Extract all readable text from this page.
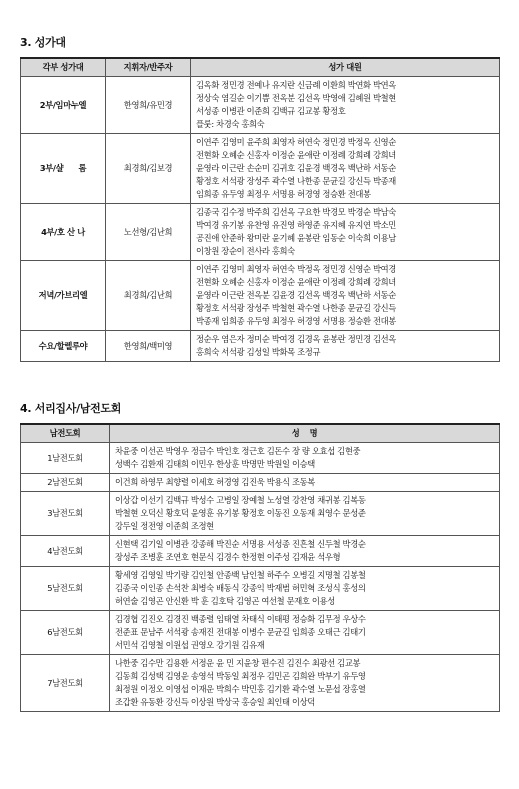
3. 성가대
각부 성가대	지휘자/반주자	성가 대원
2부/임마누엘	한영희/유민경	김옥화 정민경 전예나 유지란 신금례 이환희 박연화 박연옥
정상숙 염길순 이기쁨 전옥분 김선옥 박영애 김혜원 박철현
서성종 이병관 이준희 김백규 김교봉 황정호
플룻: 차경숙 홍희숙

3부/샬      롬	최경희/김보경	이연주 김영미 윤주희 최영자 허연숙 정민경 박정옥 신영순
전현화 오혜순 신홍자 이정순 윤애란 이정례 강희례 강희녀
윤영라 이근란 손순미 김귀호 김윤경 백경옥 백난하 서동순
황정호 서석광 장성주 곽수열 나한종 문균길 강신득 박종재
임희종 유두영 최정우 서명용 허경영 정승환 전대봉

4부/호 산 나	노선형/김난희	김종국 김수정 박주희 김선옥 구요한 박경모 박경순 박남숙
박여경 유기봉 유찬영 유진영 하영준 유지혜 유지연 박소민
공진애 안준하 왕미란 윤기혜 윤봉란 임동순 이숙희 이용남
이창원 장순이 전사라 홍희숙

저녁/가브리엘	최경희/김난희	이연주 김영미 최영자 허연숙 박정옥 정민경 신영순 박여경
전현화 오혜순 신홍자 이정순 윤애란 이정례 강희례 강희녀
윤영라 이근란 전옥분 김윤경 김선옥 백경옥 백난하 서동순
황정호 서석광 장성주 박철현 곽수열 나한종 문균길 강신득
박종재 임희종 유두영 최정우 허경영 서명용 정승환 전대봉

수요/할렐루야	한영희/백미영	정순우 염은자 정미순 박여경 김경옥 윤봉란 정민경 김선옥
홍희숙 서석광 김성일 박화목 조정규
4. 서리집사/남전도회
남전도회	성    명
1남전도회	차윤중 이선곤 박영우 정금수 박인호 정근호 김돈수 장 량 오효섭 김현중
성백수 김환재 김태희 이민우 한상훈 박명만 박원일 이승택

2남전도회	이건희 하영무 최향렬 이세호 허경영 김진욱 박용식 조동복

3남전도회	이상갑 이선기 김백규 박성수 고병일 장예철 노성열 강찬영 채귀봉 김복동
박철현 오덕신 황호덕 윤영훈 유기봉 황정호 이동진 오동재 최영수 문성준
강두일 정전영 이준희 조정현

4남전도회	신현택 김기일 이병관 강종해 박진순 서명용 서성종 진흔철 신두철 박경순
장성주 조병훈 조연호 현문식 김경수 한정현 이주성 김재윤 석우형

5남전도회	황세영 김영일 박기량 김인철 안종백 남인철 하주수 오병길 지명철 김봉철
김종국 이인종 손석찬 최병숙 배동식 강종익 박재범 허민혁 조성식 홍성의
허연술 김영곤 안신환 박 훈 김호탁 김영곤 여선철 문재호 이용성

6남전도회	김경협 김진오 김경진 백종렬 임태열 차태식 이태평 정승화 김무정 우상수
전준표 문남주 서석광 송재진 전대봉 이병수 문균길 임희종 오태근 김태기
서민석 김영철 이원섭 권영오 강기원 김유재

7남전도회	나한중 김수만 김용환 서정운 윤 민 지윤창 편수진 김진수 최광선 김교봉
김동희 김성택 김영운 송영석 박동일 최정우 김민곤 김희완 박부기 유두영
최정원 이정오 이영섭 이재운 박희수 박민홍 김기환 곽수열 노문섭 장홍열
조갑환 유동환 강신득 이상원 박상국 홍승일 최인태 이상덕
